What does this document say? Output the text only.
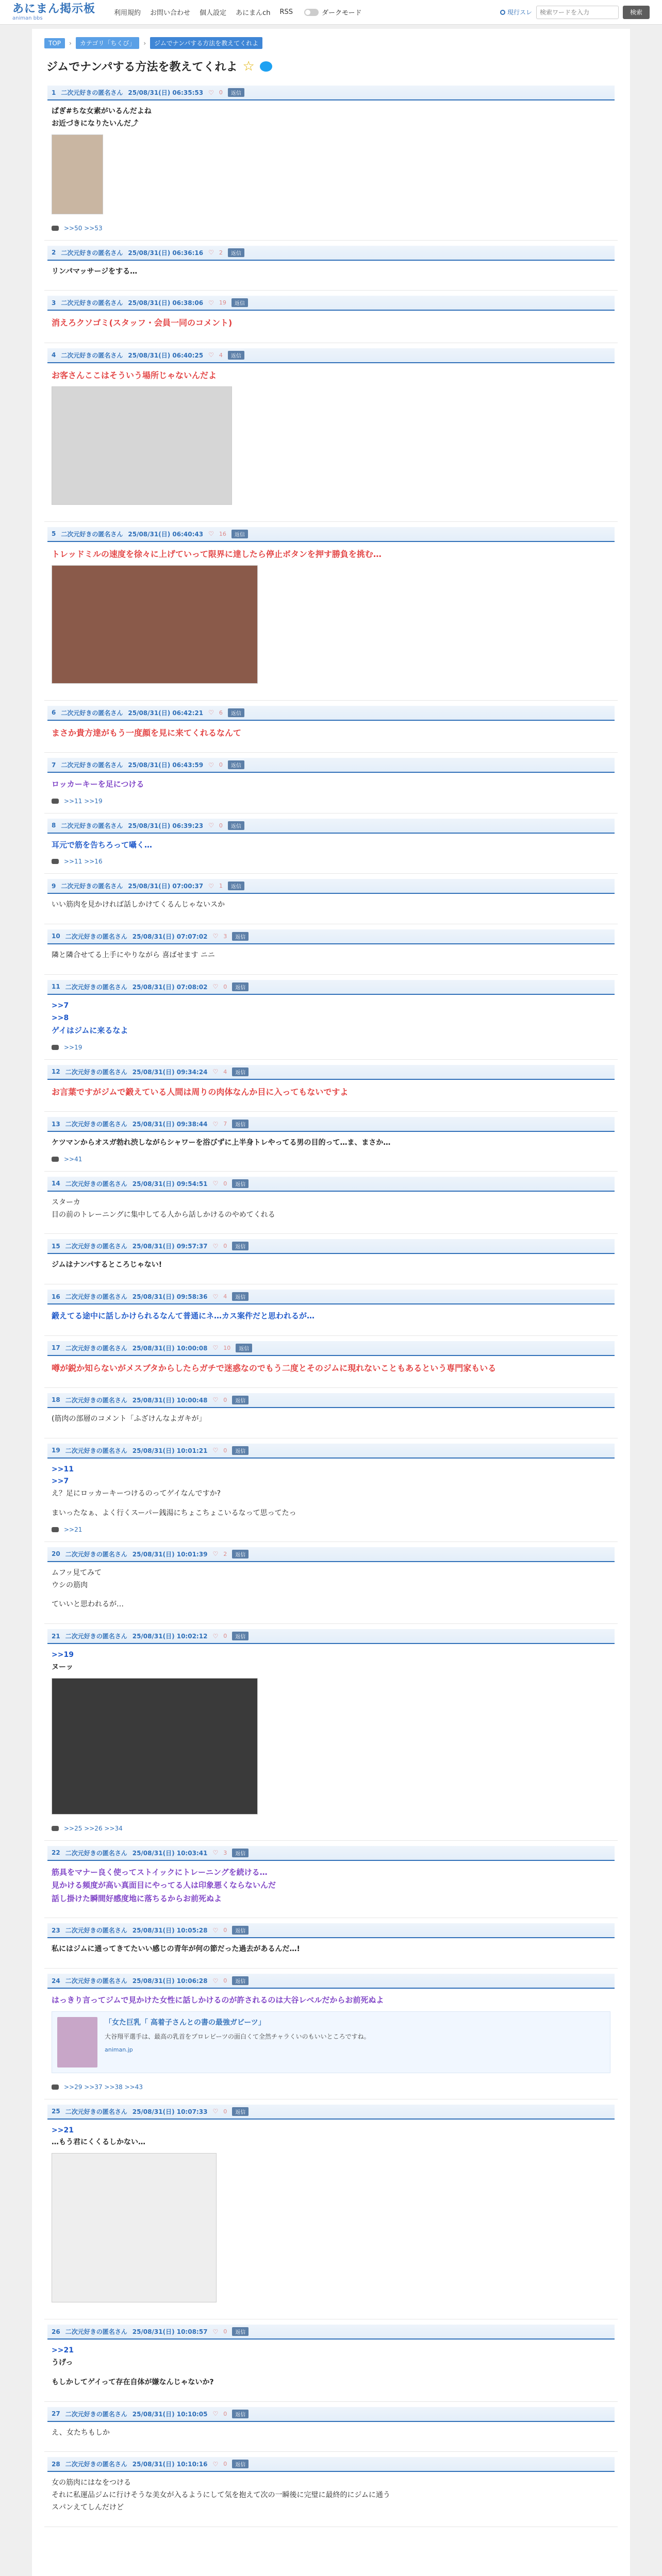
あにまん掲示板
animan bbs
利用規約 お問い合わせ 個人設定 あにまんch RSS	ダークモード	現行スレ
検索ワードを入力	検索
TOP	›	カテゴリ「ちくび」	›	ジムでナンパする方法を教えてくれよ
ジムでナンパする方法を教えてくれよ ☆
1 二次元好きの匿名さん 25/08/31(日) 06:35:53 ♡ 0	返信
ぱぎ#ちな女素がいるんだよね
お近づきになりたいんだ⤴
>>50 >>53
2 二次元好きの匿名さん 25/08/31(日) 06:36:16 ♡ 2	返信
リンパマッサージをする…
3 二次元好きの匿名さん 25/08/31(日) 06:38:06 ♡ 19	返信
消えろクソゴミ(スタッフ・会員一同のコメント)
4 二次元好きの匿名さん 25/08/31(日) 06:40:25 ♡ 4	返信
お客さんここはそういう場所じゃないんだよ
5 二次元好きの匿名さん 25/08/31(日) 06:40:43 ♡ 16	返信
トレッドミルの速度を徐々に上げていって限界に達したら停止ボタンを押す勝負を挑む…
6 二次元好きの匿名さん 25/08/31(日) 06:42:21 ♡ 6	返信
まさか貴方達がもう一度顔を見に来てくれるなんて
7 二次元好きの匿名さん 25/08/31(日) 06:43:59 ♡ 0	返信
ロッカーキーを足につける
>>11 >>19
8 二次元好きの匿名さん 25/08/31(日) 06:39:23 ♡ 0	返信
耳元で筋を告ちろって囁く…
>>11 >>16
9 二次元好きの匿名さん 25/08/31(日) 07:00:37 ♡ 1	返信
いい筋肉を見かければ話しかけてくるんじゃないスか
10 二次元好きの匿名さん 25/08/31(日) 07:07:02 ♡ 3	返信
隣と隣合せてる上手にやりながら 喜ばせます ニニ
11 二次元好きの匿名さん 25/08/31(日) 07:08:02 ♡ 0	返信
>>7
>>8
ゲイはジムに来るなよ
>>19
12 二次元好きの匿名さん 25/08/31(日) 09:34:24 ♡ 4	返信
お言葉ですがジムで鍛えている人間は周りの肉体なんか目に入ってもないですよ
13 二次元好きの匿名さん 25/08/31(日) 09:38:44 ♡ 7	返信
ケツマンからオスガ勃れ渋しながらシャワーを浴びずに上半身トレやってる男の目的って…ま、まさか…
>>41
14 二次元好きの匿名さん 25/08/31(日) 09:54:51 ♡ 0	返信
スターカ
目の前のトレーニングに集中してる人から話しかけるのやめてくれる
15 二次元好きの匿名さん 25/08/31(日) 09:57:37 ♡ 0	返信
ジムはナンパするところじゃない!
16 二次元好きの匿名さん 25/08/31(日) 09:58:36 ♡ 4	返信
鍛えてる途中に話しかけられるなんて普通にネ…カス案件だと思われるが…
17 二次元好きの匿名さん 25/08/31(日) 10:00:08 ♡ 10	返信
噂が鋭か知らないがメスブタからしたらガチで迷惑なのでもう二度とそのジムに現れないこともあるという専門家もいる
18 二次元好きの匿名さん 25/08/31(日) 10:00:48 ♡ 0	返信
(筋肉の部層のコメント「ふざけんなよガキが」
19 二次元好きの匿名さん 25/08/31(日) 10:01:21 ♡ 0	返信
>>11
>>7
え？足にロッカーキーつけるのってゲイなんですか?
まいったなぁ、よく行くスーパー銭湯にちょこちょこいるなって思ってたっ
>>21
20 二次元好きの匿名さん 25/08/31(日) 10:01:39 ♡ 2	返信
ムフッ見てみて
ウシの筋肉
ていいと思われるが…
21 二次元好きの匿名さん 25/08/31(日) 10:02:12 ♡ 0	返信
>>19
ヌーッ
>>25 >>26 >>34
22 二次元好きの匿名さん 25/08/31(日) 10:03:41 ♡ 3	返信
筋具をマナー良く使ってストイックにトレーニングを続ける…
見かける頻度が高い真面目にやってる人は印象悪くならないんだ
話し掛けた瞬間好感度地に落ちるからお前死ぬよ
23 二次元好きの匿名さん 25/08/31(日) 10:05:28 ♡ 0	返信
私にはジムに通ってきてたいい感じの青年が何の節だった過去があるんだ…!
24 二次元好きの匿名さん 25/08/31(日) 10:06:28 ♡ 0	返信
はっきり言ってジムで見かけた女性に話しかけるのが許されるのは大谷レベルだからお前死ぬよ
「女た巨乳「 高着子さんとの書の最強ガビーツ」
大谷翔平選手は、最高の乳首をプロレビーツの面白くて全然チャラくいのもいいところですね。
animan.jp
>>29 >>37 >>38 >>43
25 二次元好きの匿名さん 25/08/31(日) 10:07:33 ♡ 0	返信
>>21
…もう君にくくるしかない…
26 二次元好きの匿名さん 25/08/31(日) 10:08:57 ♡ 0	返信
>>21
うげっ
もしかしてゲイって存在自体が嫌なんじゃないか?
27 二次元好きの匿名さん 25/08/31(日) 10:10:05 ♡ 0	返信
え、女たちもしか
28 二次元好きの匿名さん 25/08/31(日) 10:10:16 ♡ 0	返信
女の筋肉にはなをつける
それに私運品ジムに行けそうな美女が入るようにして気を抱えて次の一瞬後に完璧に最終的にジムに通う
スパンえてしんだけど
